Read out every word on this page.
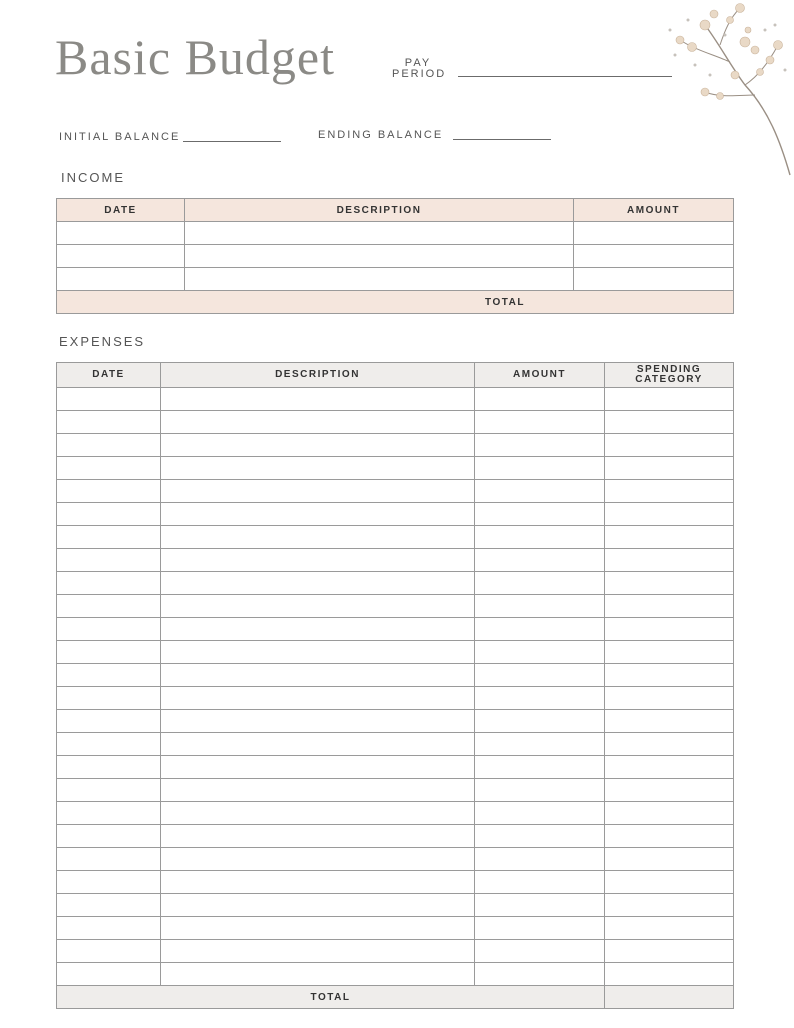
Basic Budget	PAY
PERIOD
INITIAL BALANCE	ENDING BALANCE
INCOME
DATE	DESCRIPTION	AMOUNT

TOTAL		
EXPENSES
DATE	DESCRIPTION	AMOUNT	SPENDING CATEGORY

TOTAL			
